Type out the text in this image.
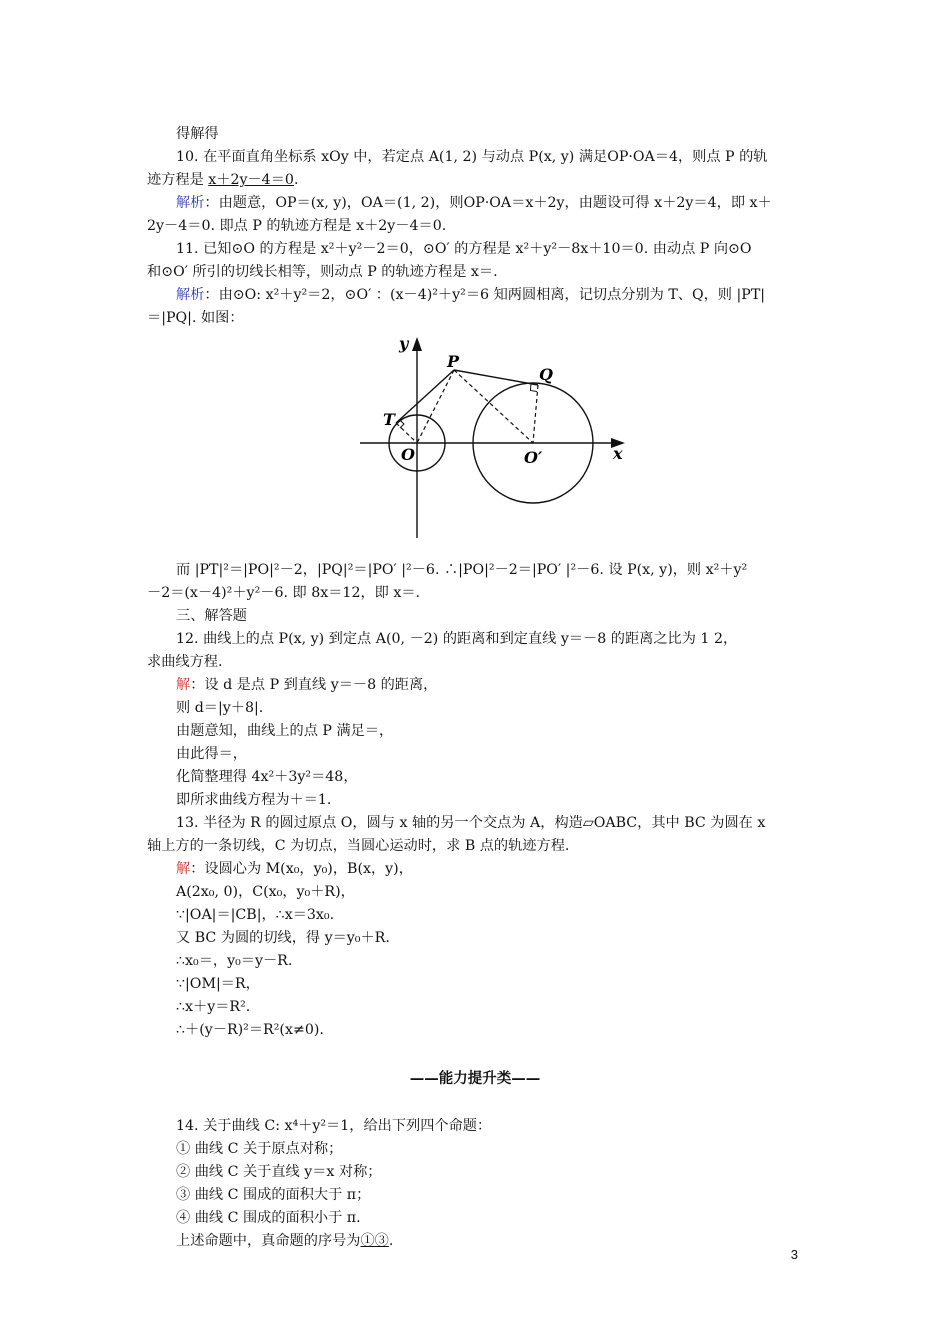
得解得
10. 在平面直角坐标系 xOy 中，若定点 A(1, 2) 与动点 P(x, y) 满足OP·OA＝4，则点 P 的轨
迹方程是 x＋2y－4＝0.
解析：由题意，OP＝(x, y)，OA＝(1, 2)，则OP·OA＝x＋2y，由题设可得 x＋2y＝4，即 x＋
2y－4＝0. 即点 P 的轨迹方程是 x＋2y－4＝0.
11. 已知⊙O 的方程是 x²＋y²－2＝0，⊙O′ 的方程是 x²＋y²－8x＋10＝0. 由动点 P 向⊙O
和⊙O′ 所引的切线长相等，则动点 P 的轨迹方程是 x＝.
解析：由⊙O: x²＋y²＝2，⊙O′ ：(x－4)²＋y²＝6 知两圆相离，记切点分别为 T、Q，则 |PT|
＝|PQ|. 如图：
y
x
P
Q
T
O	O′
而 |PT|²＝|PO|²－2，|PQ|²＝|PO′ |²－6. ∴|PO|²－2＝|PO′ |²－6. 设 P(x, y)，则 x²＋y²
－2＝(x－4)²＋y²－6. 即 8x＝12，即 x＝.
三、解答题
12. 曲线上的点 P(x, y) 到定点 A(0, －2) 的距离和到定直线 y＝－8 的距离之比为 1 2，
求曲线方程.
解：设 d 是点 P 到直线 y＝－8 的距离，
则 d＝|y＋8|.
由题意知，曲线上的点 P 满足＝，
由此得＝，
化简整理得 4x²＋3y²＝48，
即所求曲线方程为＋＝1.
13. 半径为 R 的圆过原点 O，圆与 x 轴的另一个交点为 A，构造▱OABC，其中 BC 为圆在 x
轴上方的一条切线，C 为切点，当圆心运动时，求 B 点的轨迹方程.
解：设圆心为 M(x₀，y₀)，B(x，y)，
A(2x₀, 0)，C(x₀，y₀＋R)，
∵|OA|＝|CB|，∴x＝3x₀.
又 BC 为圆的切线，得 y＝y₀＋R.
∴x₀＝，y₀＝y－R.
∵|OM|＝R，
∴x＋y＝R².
∴＋(y－R)²＝R²(x≠0).
——能力提升类——
14. 关于曲线 C: x⁴＋y²＝1，给出下列四个命题：
① 曲线 C 关于原点对称；
② 曲线 C 关于直线 y＝x 对称；
③ 曲线 C 围成的面积大于 π；
④ 曲线 C 围成的面积小于 π.
上述命题中，真命题的序号为①③.
3
